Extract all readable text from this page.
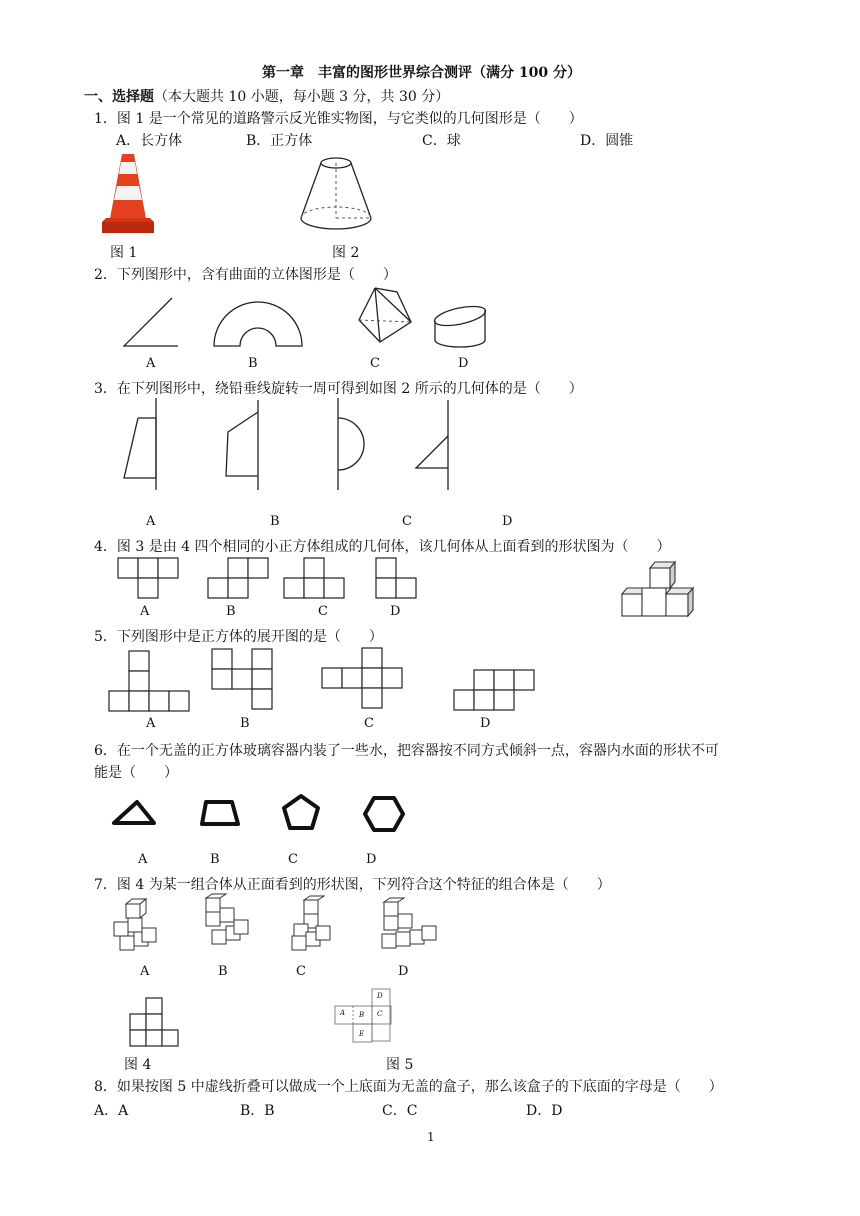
第一章　丰富的图形世界综合测评（满分 100 分）
一、选择题（本大题共 10 小题，每小题 3 分，共 30 分）
1．图 1 是一个常见的道路警示反光锥实物图，与它类似的几何图形是（　　）
A．长方体	B．正方体	C．球	D．圆锥
图 1	图 2
2．下列图形中，含有曲面的立体图形是（　　）
A	B	C	D
3．在下列图形中，绕铅垂线旋转一周可得到如图 2 所示的几何体的是（　　）
A	B	C	D
4．图 3 是由 4 四个相同的小正方体组成的几何体，该几何体从上面看到的形状图为（　　）
A	B	C	D
5．下列图形中是正方体的展开图的是（　　）
A	B	C	D
6．在一个无盖的正方体玻璃容器内装了一些水，把容器按不同方式倾斜一点，容器内水面的形状不可
能是（　　）
A	B	C	D
7．图 4 为某一组合体从正面看到的形状图，下列符合这个特征的组合体是（　　）
A	B	C	D
图 4
A B C
D
E
图 5
8．如果按图 5 中虚线折叠可以做成一个上底面为无盖的盒子，那么该盒子的下底面的字母是（　　）
A．A	B．B	C．C	D．D
1
